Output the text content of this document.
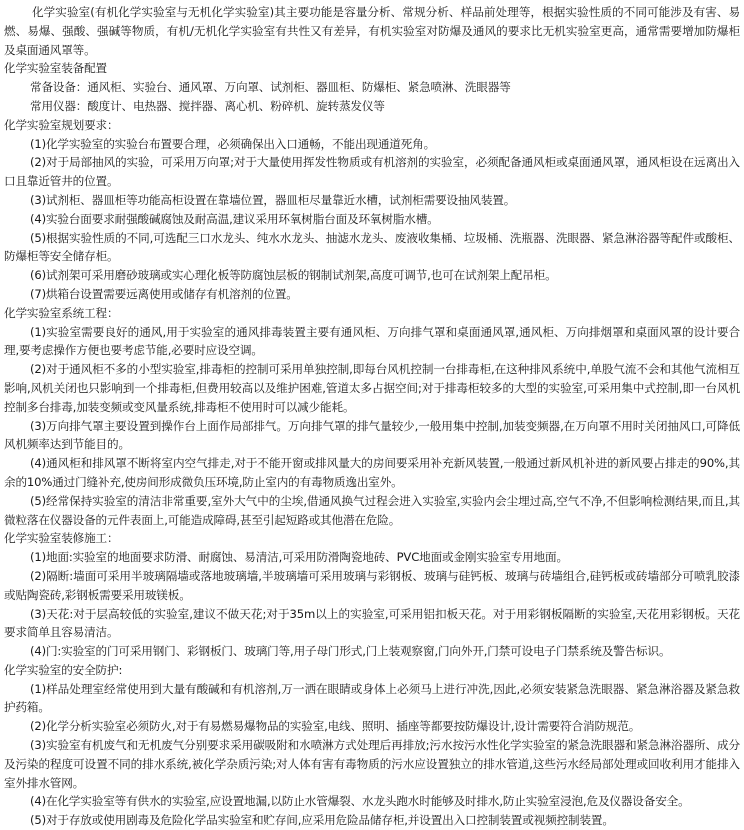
化学实验室(有机化学实验室与无机化学实验室)其主要功能是容量分析、常规分析、样品前处理等，根据实验性质的不同可能涉及有害、易燃、易爆、强酸、强碱等物质，有机/无机化学实验室有共性又有差异，有机实验室对防爆及通风的要求比无机实验室更高，通常需要增加防爆柜及桌面通风罩等。

化学实验室装备配置

常备设备：通风柜、实验台、通风罩、万向罩、试剂柜、器皿柜、防爆柜、紧急喷淋、洗眼器等

常用仪器：酸度计、电热器、搅拌器、离心机、粉碎机、旋转蒸发仪等

化学实验室规划要求：

(1)化学实验室的实验台布置要合理，必须确保出入口通畅，不能出现通道死角。

(2)对于局部抽风的实验，可采用万向罩;对于大量使用挥发性物质或有机溶剂的实验室，必须配备通风柜或桌面通风罩，通风柜设在远离出入口且靠近管井的位置。

(3)试剂柜、器皿柜等功能高柜设置在靠墙位置，器皿柜尽量靠近水槽，试剂柜需要设抽风装置。

(4)实验台面要求耐强酸碱腐蚀及耐高温,建议采用环氧树脂台面及环氧树脂水槽。

(5)根据实验性质的不同,可选配三口水龙头、纯水水龙头、抽滤水龙头、废液收集桶、垃圾桶、洗瓶器、洗眼器、紧急淋浴器等配件或酸柜、防爆柜等安全储存柜。

(6)试剂架可采用磨砂玻璃或实心理化板等防腐蚀层板的钢制试剂架,高度可调节,也可在试剂架上配吊柜。

(7)烘箱台设置需要远离使用或储存有机溶剂的位置。

化学实验室系统工程：

(1)实验室需要良好的通风,用于实验室的通风排毒装置主要有通风柜、万向排气罩和桌面通风罩,通风柜、万向排烟罩和桌面风罩的设计要合理,要考虑操作方便也要考虑节能,必要时应设空调。

(2)对于通风柜不多的小型实验室,排毒柜的控制可采用单独控制,即每台风机控制一台排毒柜,在这种排风系统中,单股气流不会和其他气流相互影响,风机关闭也只影响到一个排毒柜,但费用较高以及维护困难,管道太多占据空间;对于排毒柜较多的大型的实验室,可采用集中式控制,即一台风机控制多台排毒,加装变频或变风量系统,排毒柜不使用时可以减少能耗。

(3)万向排气罩主要设置到操作台上面作局部排气。万向排气罩的排气量较少,一般用集中控制,加装变频器,在万向罩不用时关闭抽风口,可降低风机频率达到节能目的。

(4)通风柜和排风罩不断将室内空气排走,对于不能开窗或排风量大的房间要采用补充新风装置,一般通过新风机补进的新风要占排走的90%,其余的10%通过门缝补充,使房间形成微负压环境,防止室内的有毒物质逸出室外。

(5)经常保持实验室的清洁非常重要,室外大气中的尘埃,借通风换气过程会进入实验室,实验内会尘埋过高,空气不净,不但影响检测结果,而且,其微粒落在仪器设备的元件表面上,可能造成障碍,甚至引起短路或其他潜在危险。

化学实验室装修施工：

(1)地面:实验室的地面要求防滑、耐腐蚀、易清洁,可采用防滑陶瓷地砖、PVC地面或金刚实验室专用地面。

(2)隔断:墙面可采用半玻璃隔墙或落地玻璃墙,半玻璃墙可采用玻璃与彩钢板、玻璃与硅钙板、玻璃与砖墙组合,硅钙板或砖墙部分可喷乳胶漆或贴陶瓷砖,彩钢板需要采用玻镁板。

(3)天花:对于层高较低的实验室,建议不做天花;对于35m以上的实验室,可采用铝扣板天花。对于用彩钢板隔断的实验室,天花用彩钢板。天花要求简单且容易清洁。

(4)门:实验室的门可采用钢门、彩钢板门、玻璃门等,用子母门形式,门上装观察窗,门向外开,门禁可设电子门禁系统及警告标识。

化学实验室的安全防护:

(1)样品处理室经常使用到大量有酸碱和有机溶剂,万一洒在眼睛或身体上必须马上进行冲洗,因此,必须安装紧急洗眼器、紧急淋浴器及紧急救护药箱。

(2)化学分析实验室必须防火,对于有易燃易爆物品的实验室,电线、照明、插座等都要按防爆设计,设计需要符合消防规范。

(3)实验室有机废气和无机废气分别要求采用碳吸附和水喷淋方式处理后再排放;污水按污水性化学实验室的紧急洗眼器和紧急淋浴器所、成分及污染的程度可设置不同的排水系统,被化学杂质污染;对人体有害有毒物质的污水应设置独立的排水管道,这些污水经局部处理或回收利用才能排入室外排水管网。

(4)在化学实验室等有供水的实验室,应设置地漏,以防止水管爆裂、水龙头跑水时能够及时排水,防止实验室浸泡,危及仪器设备安全。

(5)对于存放或使用剧毒及危险化学品实验室和贮存间,应采用危险品储存柜,并设置出入口控制装置或视频控制装置。
